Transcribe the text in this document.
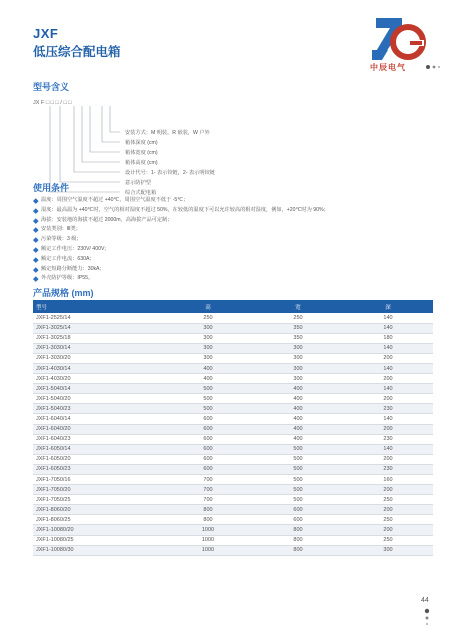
JXF
低压综合配电箱
中辰电气
型号含义
JX F □ □ □ / □ □
安装方式：M 明装，R 嵌装，W 户外
箱体深度 (cm)
箱体宽度 (cm)
箱体高度 (cm)
设计代号：1- 表示铰链，2- 表示明铰链
意示防护型
综合式配电箱
使用条件
温度：周围空气温度不超过 +40℃，周围空气温度不低于 -5℃；
湿度：最高温为 +40℃时，空气的相对湿度不超过 50%，在较低的温度下可以允许较高的相对湿度，例如，+20℃时为 90%；
海拔：安装地的海拔不超过 2000m，高海拔产品可定制；
安装类别：Ⅲ类；
污染等级：3 级；
额定工作电压：230V/ 400V；
额定工作电流：630A；
额定短路分断能力：30kA；
外壳防护等级：IP55。
产品规格 (mm)
型号	高	宽	深
JXF1-2525/14	250	250	140
JXF1-3025/14	300	350	140
JXF1-3025/18	300	350	180
JXF1-3030/14	300	300	140
JXF1-3030/20	300	300	200
JXF1-4030/14	400	300	140
JXF1-4030/20	400	300	200
JXF1-5040/14	500	400	140
JXF1-5040/20	500	400	200
JXF1-5040/23	500	400	230
JXF1-6040/14	600	400	140
JXF1-6040/20	600	400	200
JXF1-6040/23	600	400	230
JXF1-6050/14	600	500	140
JXF1-6050/20	600	500	200
JXF1-6050/23	600	500	230
JXF1-7050/16	700	500	160
JXF1-7050/20	700	500	200
JXF1-7050/25	700	500	250
JXF1-8060/20	800	600	200
JXF1-8060/25	800	600	250
JXF1-10080/20	1000	800	200
JXF1-10080/25	1000	800	250
JXF1-10080/30	1000	800	300
44
